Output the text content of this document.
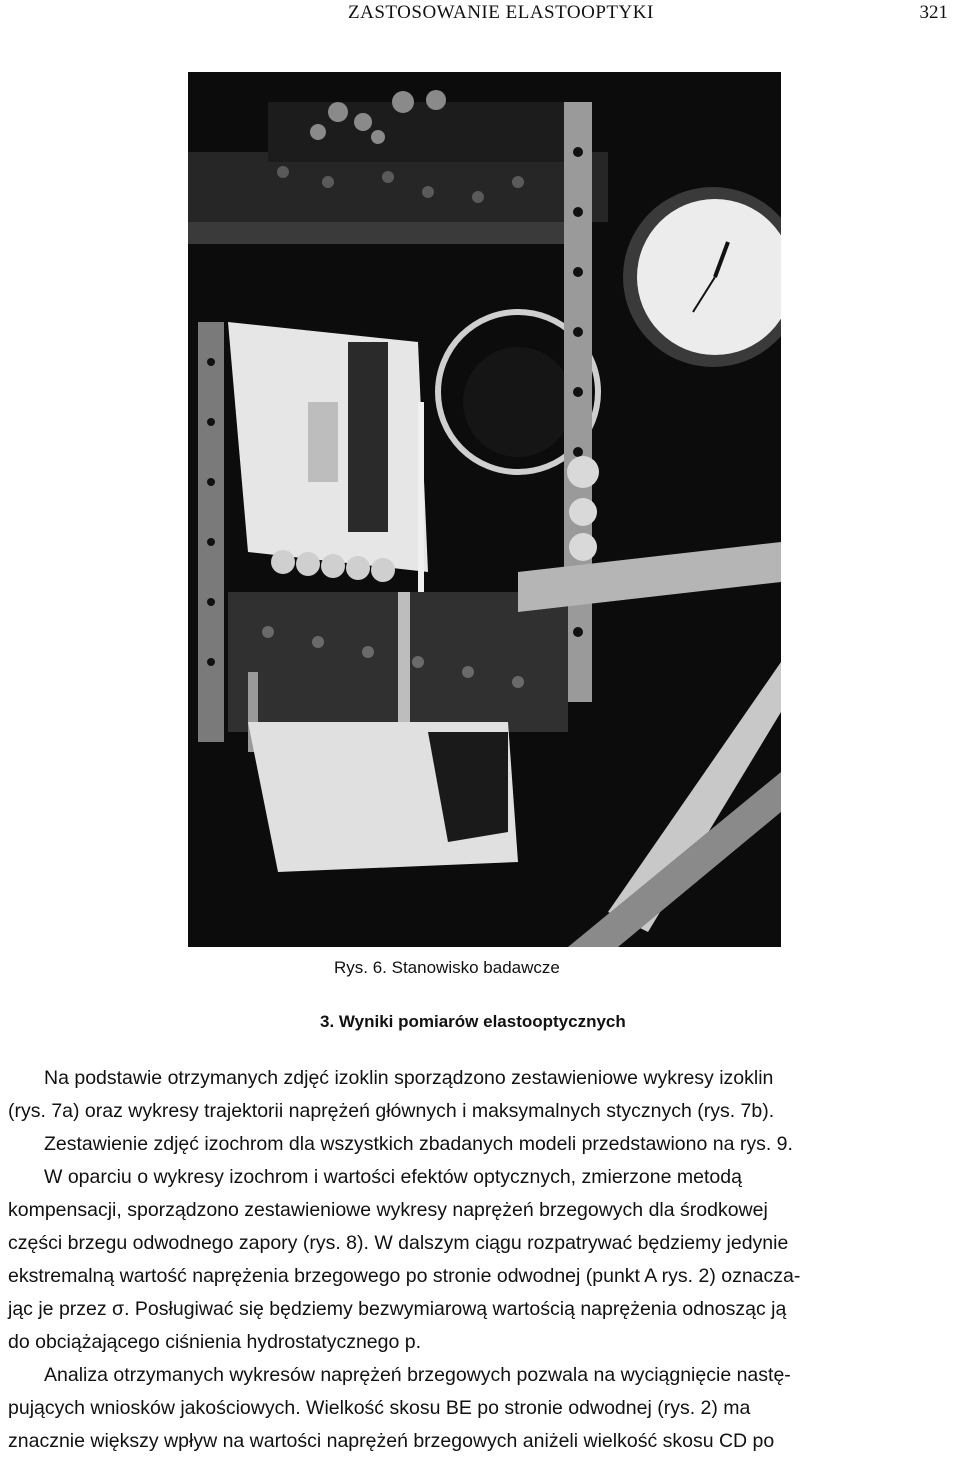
ZASTOSOWANIE ELASTOOPTYKI	321
Rys. 6. Stanowisko badawcze
3. Wyniki pomiarów elastooptycznych
Na podstawie otrzymanych zdjęć izoklin sporządzono zestawieniowe wykresy izoklin
(rys. 7a) oraz wykresy trajektorii naprężeń głównych i maksymalnych stycznych (rys. 7b).
Zestawienie zdjęć izochrom dla wszystkich zbadanych modeli przedstawiono na rys. 9.
W oparciu o wykresy izochrom i wartości efektów optycznych, zmierzone metodą
kompensacji, sporządzono zestawieniowe wykresy naprężeń brzegowych dla środkowej
części brzegu odwodnego zapory (rys. 8). W dalszym ciągu rozpatrywać będziemy jedynie
ekstremalną wartość naprężenia brzegowego po stronie odwodnej (punkt A rys. 2) oznacza-
jąc je przez σ. Posługiwać się będziemy bezwymiarową wartością naprężenia odnosząc ją
do obciążającego ciśnienia hydrostatycznego p.
Analiza otrzymanych wykresów naprężeń brzegowych pozwala na wyciągnięcie nastę-
pujących wniosków jakościowych. Wielkość skosu BE po stronie odwodnej (rys. 2) ma
znacznie większy wpływ na wartości naprężeń brzegowych aniżeli wielkość skosu CD po
